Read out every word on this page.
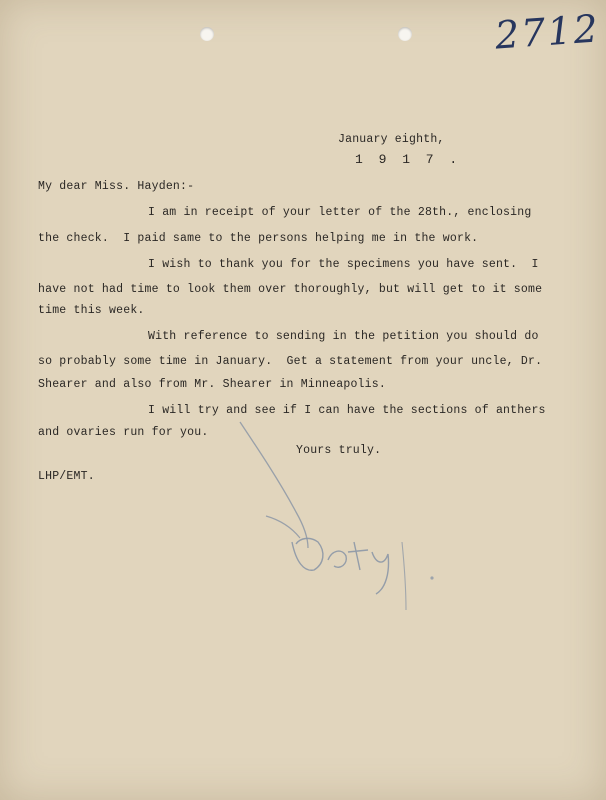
2712
January eighth,
1 9 1 7 .
My dear Miss. Hayden:-
I am in receipt of your letter of the 28th., enclosing
the check.  I paid same to the persons helping me in the work.
I wish to thank you for the specimens you have sent.  I
have not had time to look them over thoroughly, but will get to it some
time this week.
With reference to sending in the petition you should do
so probably some time in January.  Get a statement from your uncle, Dr.
Shearer and also from Mr. Shearer in Minneapolis.
I will try and see if I can have the sections of anthers
and ovaries run for you.
Yours truly.
LHP/EMT.
